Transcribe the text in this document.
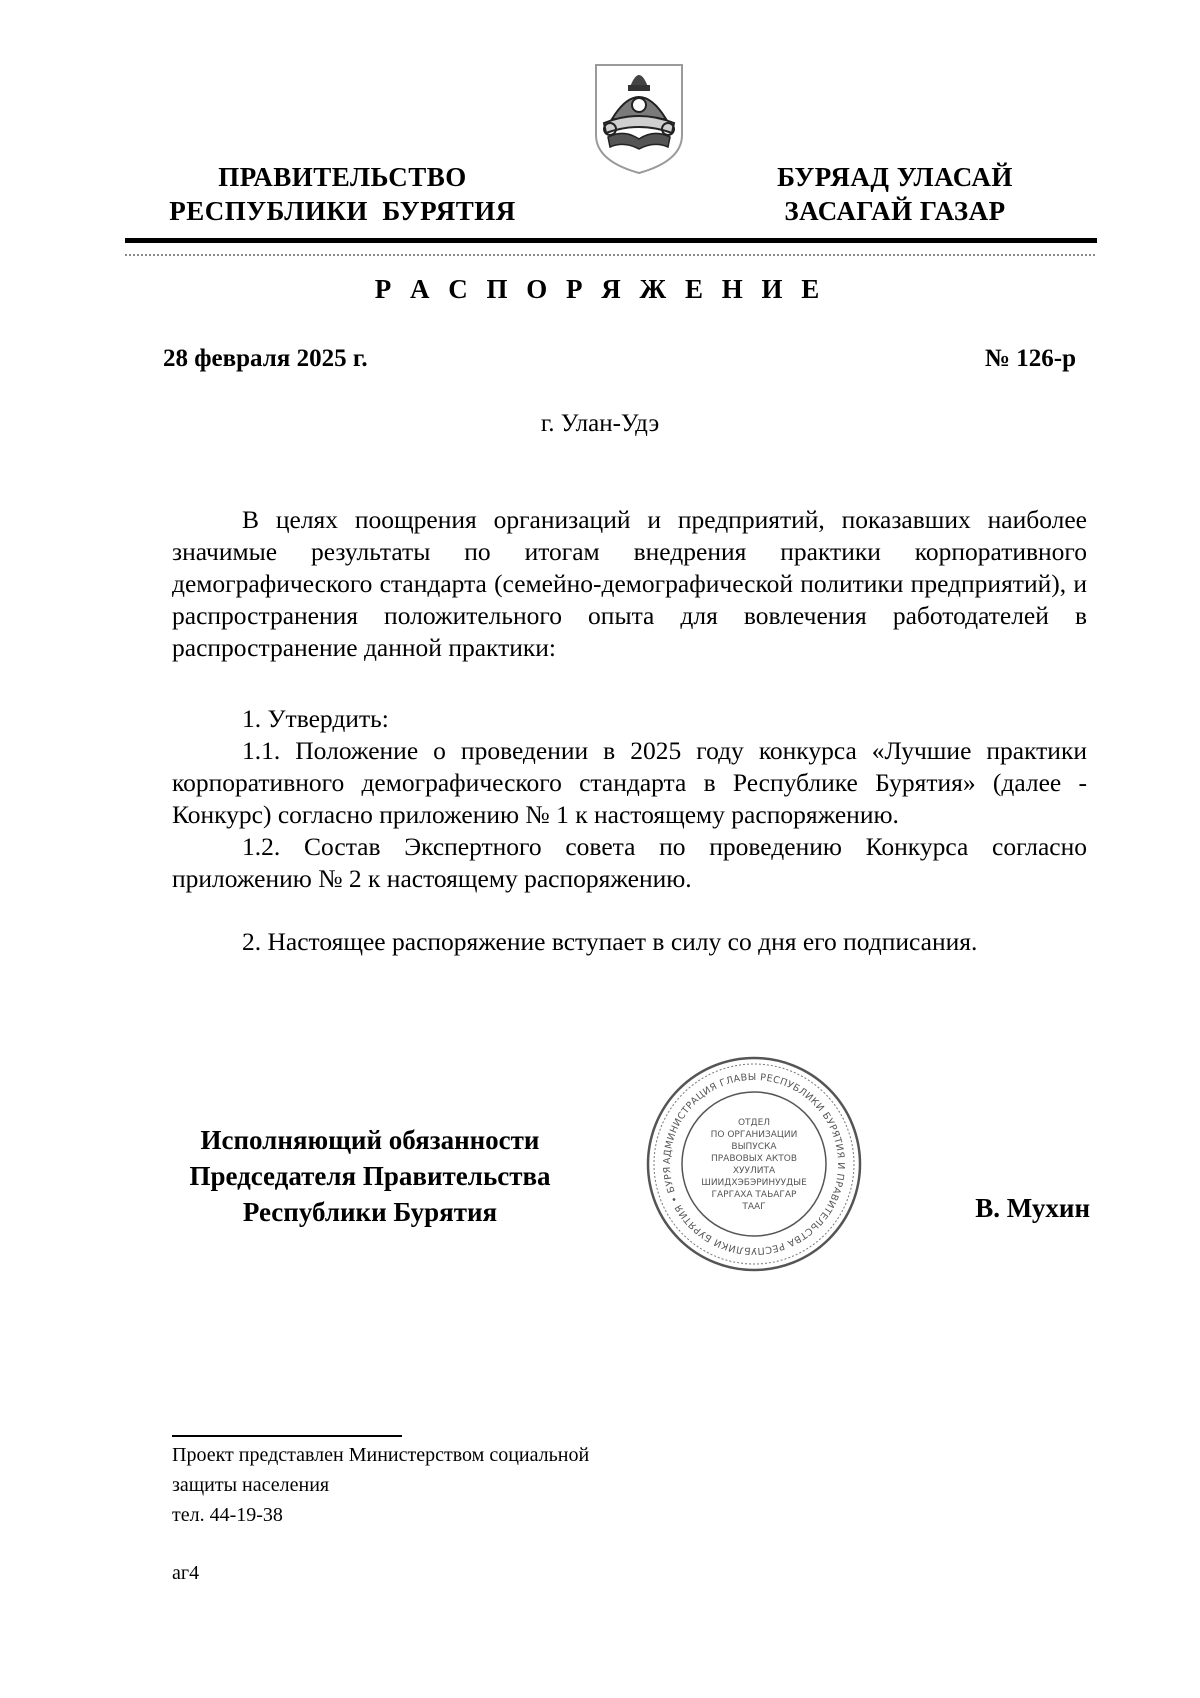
ПРАВИТЕЛЬСТВО
РЕСПУБЛИКИ  БУРЯТИЯ
БУРЯАД УЛАСАЙ
ЗАСАГАЙ ГАЗАР
Р А С П О Р Я Ж Е Н И Е
28 февраля 2025 г.	№ 126-р
г. Улан-Удэ

В целях поощрения организаций и предприятий, показавших наиболее значимые результаты по итогам внедрения практики корпоративного демографического стандарта (семейно-демографической политики предприятий), и распространения положительного опыта для вовлечения работодателей в распространение данной практики:

1. Утвердить:

1.1. Положение о проведении в 2025 году конкурса «Лучшие практики корпоративного демографического стандарта в Республике Бурятия» (далее - Конкурс) согласно приложению № 1 к настоящему распоряжению.

1.2. Состав Экспертного совета по проведению Конкурса согласно приложению № 2 к настоящему распоряжению.

2. Настоящее распоряжение вступает в силу со дня его подписания.

Исполняющий обязанности
Председателя Правительства
Республики Бурятия
АДМИНИСТРАЦИЯ ГЛАВЫ РЕСПУБЛИКИ БУРЯТИЯ И ПРАВИТЕЛЬСТВА РЕСПУБЛИКИ БУРЯТИЯ • БУРЯ
ОТДЕЛ
ПО ОРГАНИЗАЦИИ
ВЫПУСКА
ПРАВОВЫХ АКТОВ
ХУУЛИТА
ШИИДХЭБЭРИНУУДЫЕ
ГАРГАХА ТАЬАГАР
ТААГ	В. Мухин
Проект представлен Министерством социальной
защиты населения
тел. 44-19-38
аг4
